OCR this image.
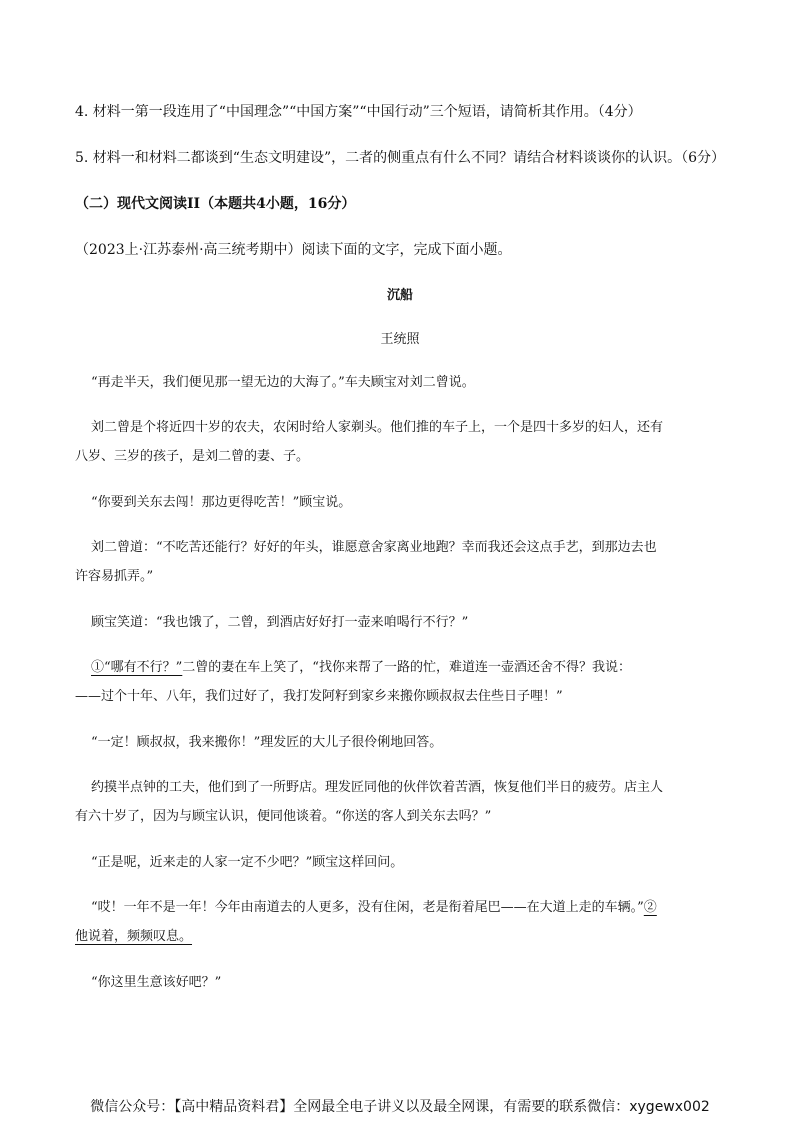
4. 材料一第一段连用了“中国理念”“中国方案”“中国行动”三个短语，请简析其作用。（4分）
5. 材料一和材料二都谈到“生态文明建设”，二者的侧重点有什么不同？请结合材料谈谈你的认识。（6分）
（二）现代文阅读II（本题共4小题，16分）
（2023上·江苏泰州·高三统考期中）阅读下面的文字，完成下面小题。
沉船
王统照
“再走半天，我们便见那一望无边的大海了。”车夫顾宝对刘二曾说。
刘二曾是个将近四十岁的农夫，农闲时给人家剃头。他们推的车子上，一个是四十多岁的妇人，还有
八岁、三岁的孩子，是刘二曾的妻、子。
“你要到关东去闯！那边更得吃苦！”顾宝说。
刘二曾道：“不吃苦还能行？好好的年头，谁愿意舍家离业地跑？幸而我还会这点手艺，到那边去也
许容易抓弄。”
顾宝笑道：“我也饿了，二曾，到酒店好好打一壶来咱喝行不行？”
①“哪有不行？”二曾的妻在车上笑了，“找你来帮了一路的忙，难道连一壶酒还舍不得？我说：
——过个十年、八年，我们过好了，我打发阿籽到家乡来搬你顾叔叔去住些日子哩！”
“一定！顾叔叔，我来搬你！”理发匠的大儿子很伶俐地回答。
约摸半点钟的工夫，他们到了一所野店。理发匠同他的伙伴饮着苦酒，恢复他们半日的疲劳。店主人
有六十岁了，因为与顾宝认识，便同他谈着。“你送的客人到关东去吗？”
“正是呢，近来走的人家一定不少吧？”顾宝这样回问。
“哎！一年不是一年！今年由南道去的人更多，没有住闲，老是衔着尾巴——在大道上走的车辆。”②
他说着，频频叹息。
“你这里生意该好吧？”
微信公众号：【高中精品资料君】全网最全电子讲义以及最全网课，有需要的联系微信：xygewx002
